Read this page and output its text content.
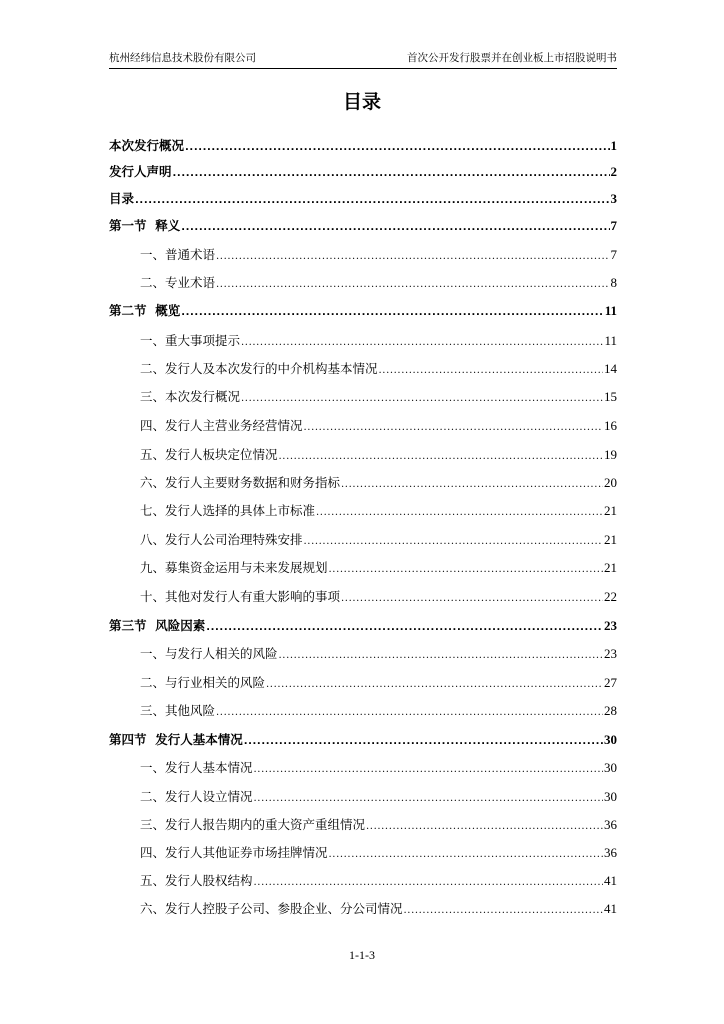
杭州经纬信息技术股份有限公司	首次公开发行股票并在创业板上市招股说明书
目录
本次发行概况 .....	1
发行人声明 .....	2
目录 .....	3
第一节  释义 .....	7
一、普通术语 .....	7
二、专业术语 .....	8
第二节  概览 .....	11
一、重大事项提示 .....	11
二、发行人及本次发行的中介机构基本情况 .....	14
三、本次发行概况 .....	15
四、发行人主营业务经营情况 .....	16
五、发行人板块定位情况 .....	19
六、发行人主要财务数据和财务指标 .....	20
七、发行人选择的具体上市标准 .....	21
八、发行人公司治理特殊安排 .....	21
九、募集资金运用与未来发展规划 .....	21
十、其他对发行人有重大影响的事项 .....	22
第三节  风险因素 .....	23
一、与发行人相关的风险 .....	23
二、与行业相关的风险 .....	27
三、其他风险 .....	28
第四节  发行人基本情况 .....	30
一、发行人基本情况 .....	30
二、发行人设立情况 .....	30
三、发行人报告期内的重大资产重组情况 .....	36
四、发行人其他证券市场挂牌情况 .....	36
五、发行人股权结构 .....	41
六、发行人控股子公司、参股企业、分公司情况 .....	41
1-1-3
